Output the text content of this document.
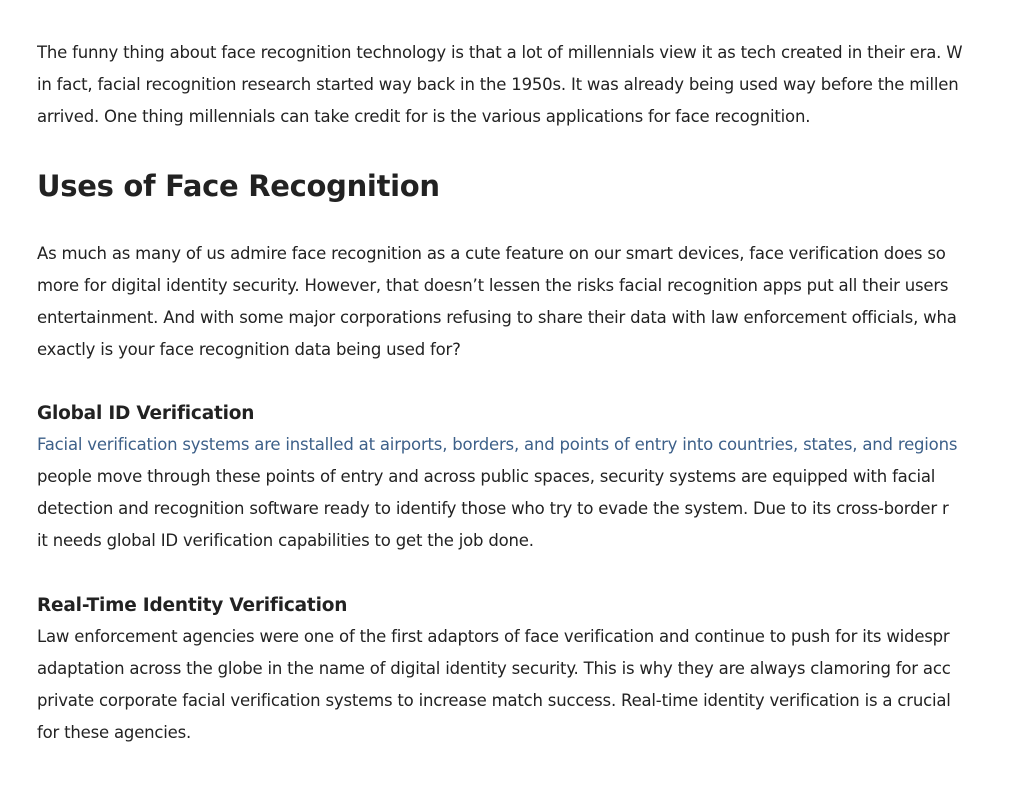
The funny thing about face recognition technology is that a lot of millennials view it as tech created in their era. W
in fact, facial recognition research started way back in the 1950s. It was already being used way before the millen
arrived. One thing millennials can take credit for is the various applications for face recognition.

Uses of Face Recognition

As much as many of us admire face recognition as a cute feature on our smart devices, face verification does so
more for digital identity security. However, that doesn’t lessen the risks facial recognition apps put all their users
entertainment. And with some major corporations refusing to share their data with law enforcement officials, wha
exactly is your face recognition data being used for?

Global ID Verification

Facial verification systems are installed at airports, borders, and points of entry into countries, states, and regions
people move through these points of entry and across public spaces, security systems are equipped with facial
detection and recognition software ready to identify those who try to evade the system. Due to its cross-border r
it needs global ID verification capabilities to get the job done.

Real-Time Identity Verification

Law enforcement agencies were one of the first adaptors of face verification and continue to push for its widespr
adaptation across the globe in the name of digital identity security. This is why they are always clamoring for acc
private corporate facial verification systems to increase match success. Real-time identity verification is a crucial
for these agencies.
